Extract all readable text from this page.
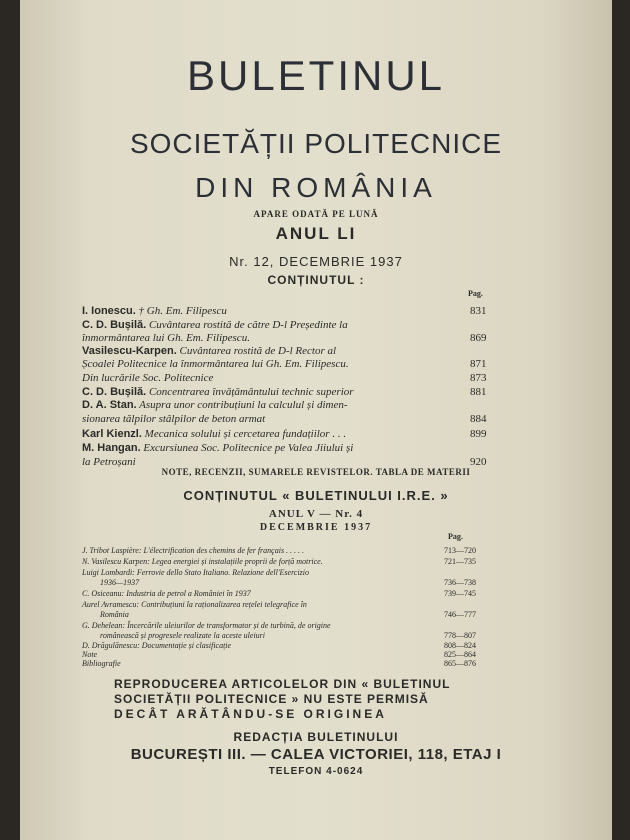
BULETINUL
SOCIETĂȚII POLITECNICE
DIN ROMÂNIA
APARE ODATĂ PE LUNĂ
ANUL LI
Nr. 12, DECEMBRIE 1937
CONȚINUTUL :
Pag.
I. Ionescu. † Gh. Em. Filipescu	831
C. D. Bușilă. Cuvântarea rostită de către D-l Președinte la
înmormântarea lui Gh. Em. Filipescu.	869
Vasilescu-Karpen. Cuvântarea rostită de D-l Rector al
Școalei Politecnice la înmormântarea lui Gh. Em. Filipescu.	871
Din lucrările Soc. Politecnice	873
C. D. Bușilă. Concentrarea învățământului technic superior	881
D. A. Stan. Asupra unor contribuțiuni la calculul și dimen-
sionarea tălpilor stâlpilor de beton armat	884
Karl Kienzl. Mecanica solului și cercetarea fundațiilor . . .	899
M. Hangan. Excursiunea Soc. Politecnice pe Valea Jiiului și
la Petroșani	920
NOTE, RECENZII, SUMARELE REVISTELOR. TABLA DE MATERII
CONȚINUTUL « BULETINULUI I.R.E. »
ANUL V — Nr. 4
DECEMBRIE 1937
Pag.
J. Tribot Laspière: L'électrification des chemins de fer français . . . . .	713—720
N. Vasilescu Karpen: Legea energiei și instalațiile proprii de forță motrice.	721—735
Luigi Lombardi: Ferrovie dello Stato Italiano. Relazione dell'Esercizio
1936—1937	736—738
C. Osiceanu: Industria de petrol a României în 1937	739—745
Aurel Avramescu: Contribuțiuni la raționalizarea rețelei telegrafice în
România	746—777
G. Dehelean: Încercările uleiurilor de transformator și de turbină, de origine
românească și progresele realizate la aceste uleiuri	778—807
D. Drăgulănescu: Documentație și clasificație	808—824
Note	825—864
Bibliografie	865—876
REPRODUCEREA ARTICOLELOR DIN « BULETINUL
SOCIETĂȚII POLITECNICE » NU ESTE PERMISĂ
DECÂT ARĂTÂNDU-SE ORIGINEA
REDACȚIA BULETINULUI
BUCUREȘTI III. — CALEA VICTORIEI, 118, ETAJ I
TELEFON 4-0624
